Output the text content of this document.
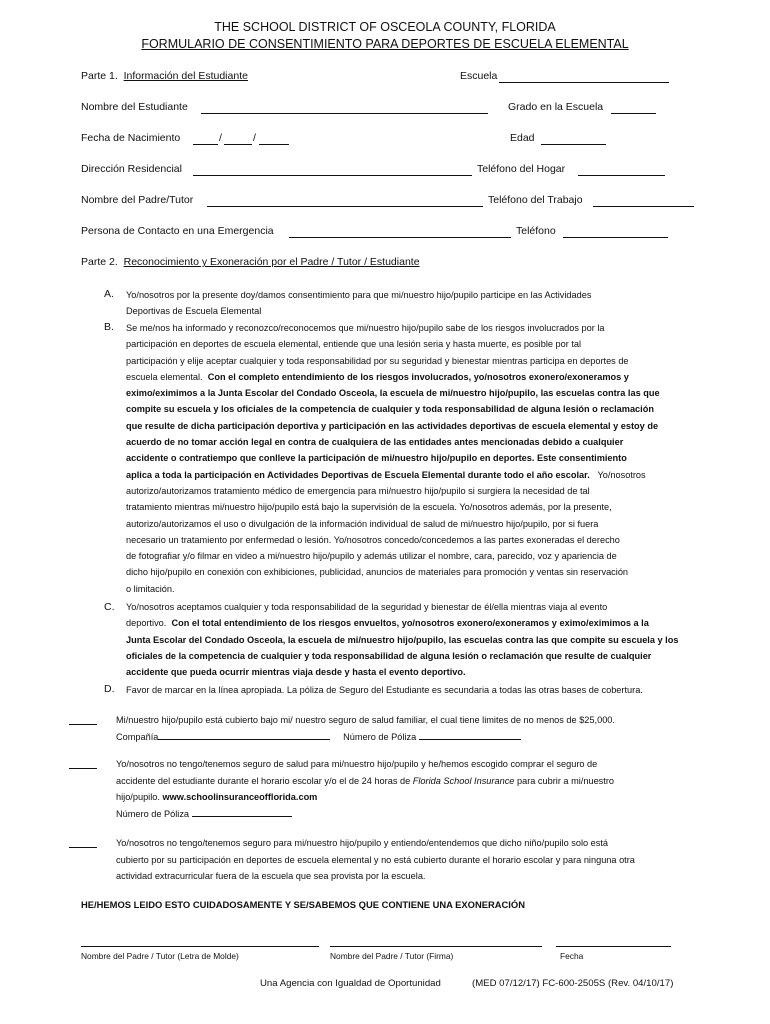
THE SCHOOL DISTRICT OF OSCEOLA COUNTY, FLORIDA
FORMULARIO DE CONSENTIMIENTO PARA DEPORTES DE ESCUELA ELEMENTAL
Parte 1. Información del Estudiante	Escuela
Nombre del Estudiante	Grado en la Escuela
Fecha de Nacimiento	/	/	Edad
Dirección Residencial	Teléfono del Hogar
Nombre del Padre/Tutor	Teléfono del Trabajo
Persona de Contacto en una Emergencia	Teléfono
Parte 2. Reconocimiento y Exoneración por el Padre / Tutor / Estudiante
A. Yo/nosotros por la presente doy/damos consentimiento para que mi/nuestro hijo/pupilo participe en las Actividades
Deportivas de Escuela Elemental
B. Se me/nos ha informado y reconozco/reconocemos que mi/nuestro hijo/pupilo sabe de los riesgos involucrados por la
participación en deportes de escuela elemental, entiende que una lesión seria y hasta muerte, es posible por tal
participación y elije aceptar cualquier y toda responsabilidad por su seguridad y bienestar mientras participa en deportes de
escuela elemental. Con el completo entendimiento de los riesgos involucrados, yo/nosotros exonero/exoneramos y
eximo/eximimos a la Junta Escolar del Condado Osceola, la escuela de mi/nuestro hijo/pupilo, las escuelas contra las que
compite su escuela y los oficiales de la competencia de cualquier y toda responsabilidad de alguna lesión o reclamación
que resulte de dicha participación deportiva y participación en las actividades deportivas de escuela elemental y estoy de
acuerdo de no tomar acción legal en contra de cualquiera de las entidades antes mencionadas debido a cualquier
accidente o contratiempo que conlleve la participación de mi/nuestro hijo/pupilo en deportes. Este consentimiento
aplica a toda la participación en Actividades Deportivas de Escuela Elemental durante todo el año escolar. Yo/nosotros
autorizo/autorizamos tratamiento médico de emergencia para mi/nuestro hijo/pupilo si surgiera la necesidad de tal
tratamiento mientras mi/nuestro hijo/pupilo está bajo la supervisión de la escuela. Yo/nosotros además, por la presente,
autorizo/autorizamos el uso o divulgación de la información individual de salud de mi/nuestro hijo/pupilo, por si fuera
necesario un tratamiento por enfermedad o lesión. Yo/nosotros concedo/concedemos a las partes exoneradas el derecho
de fotografiar y/o filmar en video a mi/nuestro hijo/pupilo y además utilizar el nombre, cara, parecido, voz y apariencia de
dicho hijo/pupilo en conexión con exhibiciones, publicidad, anuncios de materiales para promoción y ventas sin reservación
o limitación.
C. Yo/nosotros aceptamos cualquier y toda responsabilidad de la seguridad y bienestar de él/ella mientras viaja al evento
deportivo. Con el total entendimiento de los riesgos envueltos, yo/nosotros exonero/exoneramos y eximo/eximimos a la
Junta Escolar del Condado Osceola, la escuela de mi/nuestro hijo/pupilo, las escuelas contra las que compite su escuela y los
oficiales de la competencia de cualquier y toda responsabilidad de alguna lesión o reclamación que resulte de cualquier
accidente que pueda ocurrir mientras viaja desde y hasta el evento deportivo.
D. Favor de marcar en la línea apropiada. La póliza de Seguro del Estudiante es secundaria a todas las otras bases de cobertura.
Mi/nuestro hijo/pupilo está cubierto bajo mi/ nuestro seguro de salud familiar, el cual tiene limites de no menos de $25,000.
Compañía	Número de Póliza
Yo/nosotros no tengo/tenemos seguro de salud para mi/nuestro hijo/pupilo y he/hemos escogido comprar el seguro de
accidente del estudiante durante el horario escolar y/o el de 24 horas de Florida School Insurance para cubrir a mi/nuestro
hijo/pupilo. www.schoolinsuranceofflorida.com
Número de Póliza
Yo/nosotros no tengo/tenemos seguro para mi/nuestro hijo/pupilo y entiendo/entendemos que dicho niño/pupilo solo está
cubierto por su participación en deportes de escuela elemental y no está cubierto durante el horario escolar y para ninguna otra
actividad extracurricular fuera de la escuela que sea provista por la escuela.
HE/HEMOS LEIDO ESTO CUIDADOSAMENTE Y SE/SABEMOS QUE CONTIENE UNA EXONERACIÓN
Nombre del Padre / Tutor (Letra de Molde)	Nombre del Padre / Tutor (Firma)	Fecha
Una Agencia con Igualdad de Oportunidad	(MED 07/12/17) FC-600-2505S (Rev. 04/10/17)
